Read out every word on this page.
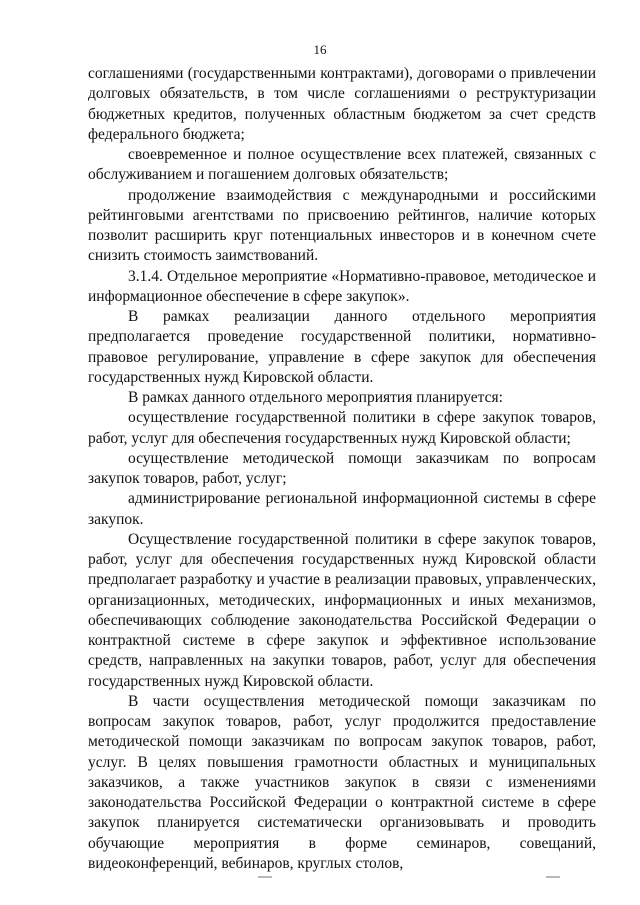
16

соглашениями (государственными контрактами), договорами о привлечении долговых обязательств, в том числе соглашениями о реструктуризации бюджетных кредитов, полученных областным бюджетом за счет средств федерального бюджета;

своевременное и полное осуществление всех платежей, связанных с обслуживанием и погашением долговых обязательств;

продолжение взаимодействия с международными и российскими рейтинговыми агентствами по присвоению рейтингов, наличие которых позволит расширить круг потенциальных инвесторов и в конечном счете снизить стоимость заимствований.

3.1.4. Отдельное мероприятие «Нормативно-правовое, методическое и информационное обеспечение в сфере закупок».

В рамках реализации данного отдельного мероприятия предполагается проведение государственной политики, нормативно-правовое регулирование, управление в сфере закупок для обеспечения государственных нужд Кировской области.

В рамках данного отдельного мероприятия планируется:

осуществление государственной политики в сфере закупок товаров, работ, услуг для обеспечения государственных нужд Кировской области;

осуществление методической помощи заказчикам по вопросам закупок товаров, работ, услуг;

администрирование региональной информационной системы в сфере закупок.

Осуществление государственной политики в сфере закупок товаров, работ, услуг для обеспечения государственных нужд Кировской области предполагает разработку и участие в реализации правовых, управленческих, организационных, методических, информационных и иных механизмов, обеспечивающих соблюдение законодательства Российской Федерации о контрактной системе в сфере закупок и эффективное использование средств, направленных на закупки товаров, работ, услуг для обеспечения государственных нужд Кировской области.

В части осуществления методической помощи заказчикам по вопросам закупок товаров, работ, услуг продолжится предоставление методической помощи заказчикам по вопросам закупок товаров, работ, услуг. В целях повышения грамотности областных и муниципальных заказчиков, а также участников закупок в связи с изменениями законодательства Российской Федерации о контрактной системе в сфере закупок планируется систематически организовывать и проводить обучающие мероприятия в форме семинаров, совещаний, видеоконференций, вебинаров, круглых столов,
